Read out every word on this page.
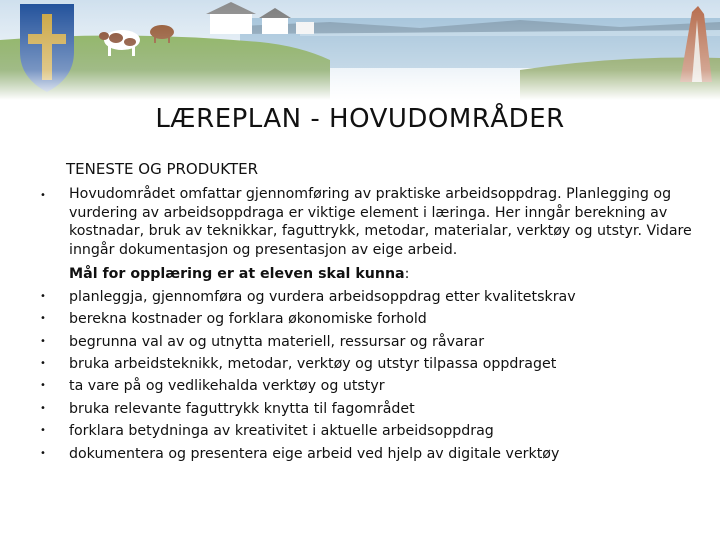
LÆREPLAN - HOVUDOMRÅDER
TENESTE OG PRODUKTER
•	Hovudområdet omfattar gjennomføring av praktiske arbeidsoppdrag. Planlegging og vurdering av arbeidsoppdraga er viktige element i læringa. Her inngår berekning av kostnadar, bruk av teknikkar, faguttrykk, metodar, materialar, verktøy og utstyr. Vidare inngår dokumentasjon og presentasjon av eige arbeid.
Mål for opplæring er at eleven skal kunna:
•	planleggja, gjennomføra og vurdera arbeidsoppdrag etter kvalitetskrav
•	berekna kostnader og forklara økonomiske forhold
•	begrunna val av og utnytta materiell, ressursar og råvarar
•	bruka arbeidsteknikk, metodar, verktøy og utstyr tilpassa oppdraget
•	ta vare på og vedlikehalda verktøy og utstyr
•	bruka relevante faguttrykk knytta til fagområdet
•	forklara betydninga av kreativitet i aktuelle arbeidsoppdrag
•	dokumentera og presentera eige arbeid ved hjelp av digitale verktøy
